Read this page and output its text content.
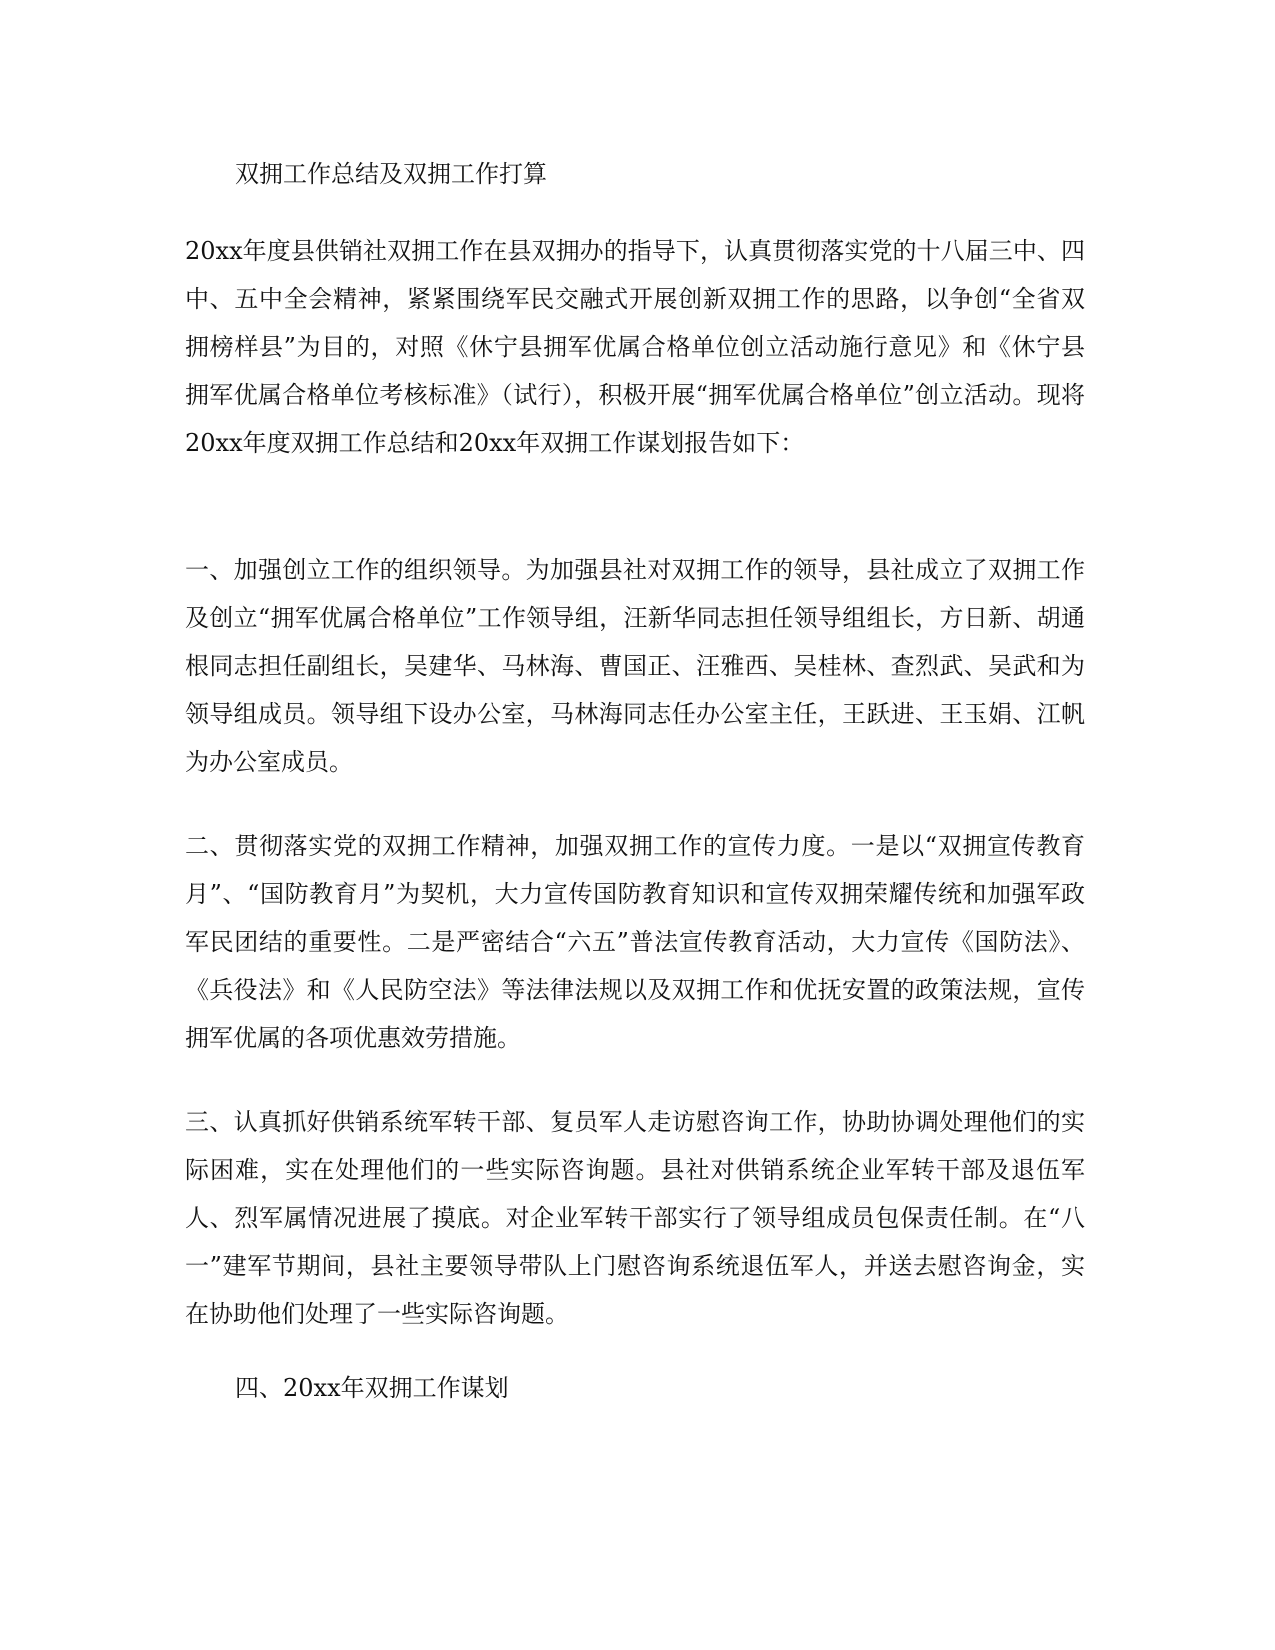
双拥工作总结及双拥工作打算
20xx年度县供销社双拥工作在县双拥办的指导下，认真贯彻落实党的十八届三中、四中、五中全会精神，紧紧围绕军民交融式开展创新双拥工作的思路，以争创“全省双拥榜样县”为目的，对照《休宁县拥军优属合格单位创立活动施行意见》和《休宁县拥军优属合格单位考核标准》（试行），积极开展“拥军优属合格单位”创立活动。现将20xx年度双拥工作总结和20xx年双拥工作谋划报告如下：
一、加强创立工作的组织领导。为加强县社对双拥工作的领导，县社成立了双拥工作及创立“拥军优属合格单位”工作领导组，汪新华同志担任领导组组长，方日新、胡通根同志担任副组长，吴建华、马林海、曹国正、汪雅西、吴桂林、查烈武、吴武和为领导组成员。领导组下设办公室，马林海同志任办公室主任，王跃进、王玉娟、江帆为办公室成员。
二、贯彻落实党的双拥工作精神，加强双拥工作的宣传力度。一是以“双拥宣传教育月”、“国防教育月”为契机，大力宣传国防教育知识和宣传双拥荣耀传统和加强军政军民团结的重要性。二是严密结合“六五”普法宣传教育活动，大力宣传《国防法》、《兵役法》和《人民防空法》等法律法规以及双拥工作和优抚安置的政策法规，宣传拥军优属的各项优惠效劳措施。
三、认真抓好供销系统军转干部、复员军人走访慰咨询工作，协助协调处理他们的实际困难，实在处理他们的一些实际咨询题。县社对供销系统企业军转干部及退伍军人、烈军属情况进展了摸底。对企业军转干部实行了领导组成员包保责任制。在“八一”建军节期间，县社主要领导带队上门慰咨询系统退伍军人，并送去慰咨询金，实在协助他们处理了一些实际咨询题。
四、20xx年双拥工作谋划
